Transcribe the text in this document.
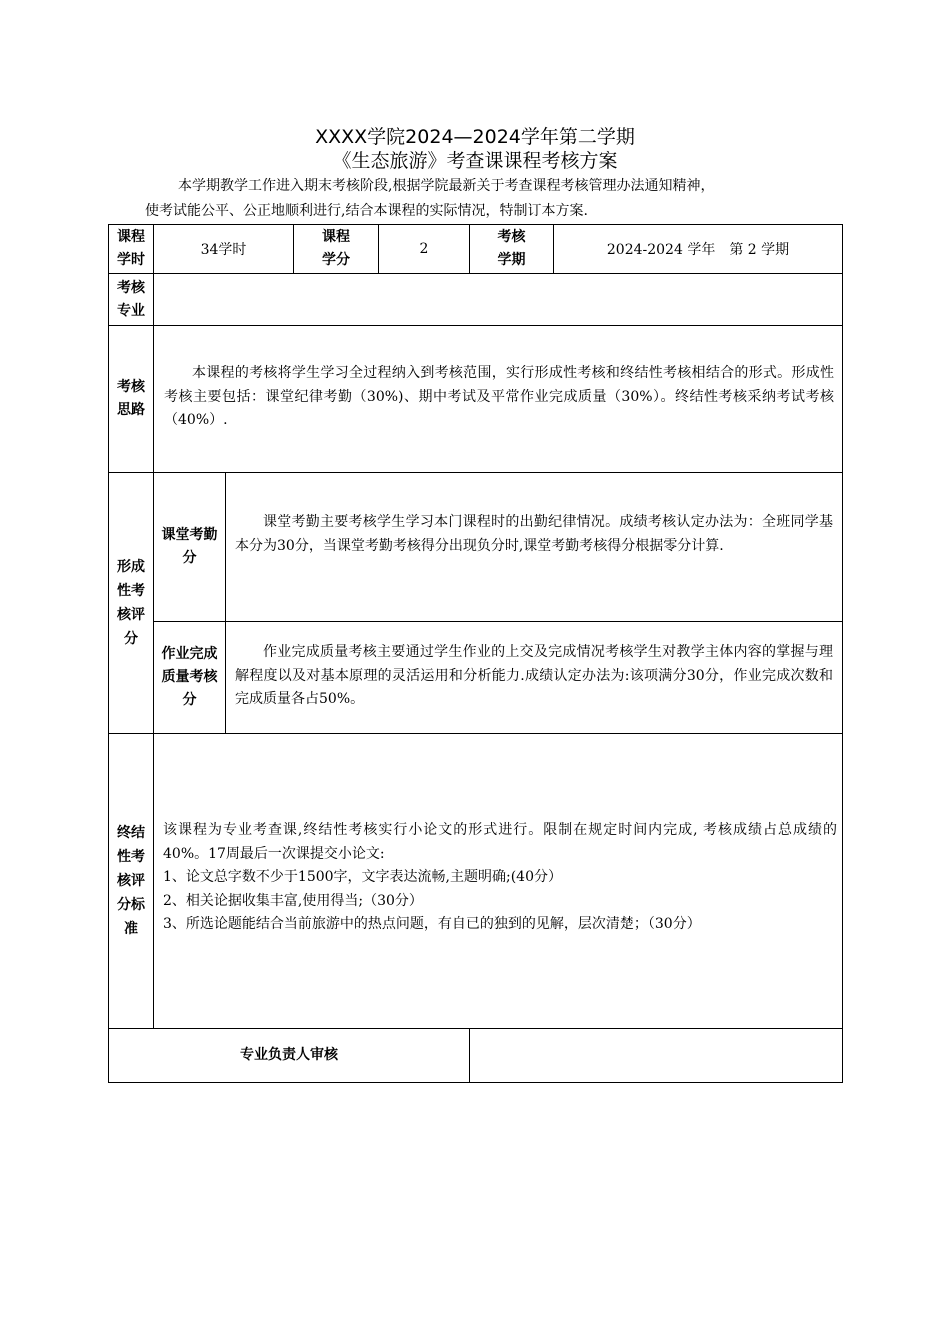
XXXX学院2024—2024学年第二学期
《生态旅游》考查课课程考核方案
本学期教学工作进入期末考核阶段,根据学院最新关于考查课程考核管理办法通知精神，
使考试能公平、公正地顺利进行,结合本课程的实际情况，特制订本方案.
课程学时
34学时
课程学分
2
考核学期
2024-2024 学年　第 2 学期
考核专业
考核思路

本课程的考核将学生学习全过程纳入到考核范围，实行形成性考核和终结性考核相结合的形式。形成性考核主要包括：课堂纪律考勤（30%)、期中考试及平常作业完成质量（30%）。终结性考核采纳考试考核（40%）.

形成性考核评分
课堂考勤分

课堂考勤主要考核学生学习本门课程时的出勤纪律情况。成绩考核认定办法为：全班同学基本分为30分，当课堂考勤考核得分出现负分时,课堂考勤考核得分根据零分计算.

作业完成质量考核分

作业完成质量考核主要通过学生作业的上交及完成情况考核学生对教学主体内容的掌握与理解程度以及对基本原理的灵活运用和分析能力.成绩认定办法为:该项满分30分，作业完成次数和完成质量各占50%。

终结性考核评分标准

该课程为专业考查课,终结性考核实行小论文的形式进行。限制在规定时间内完成, 考核成绩占总成绩的40%。17周最后一次课提交小论文:

1、论文总字数不少于1500字，文字表达流畅,主题明确;(40分）

2、相关论据收集丰富,使用得当;（30分）

3、所选论题能结合当前旅游中的热点问题，有自已的独到的见解，层次清楚；（30分）

专业负责人审核
